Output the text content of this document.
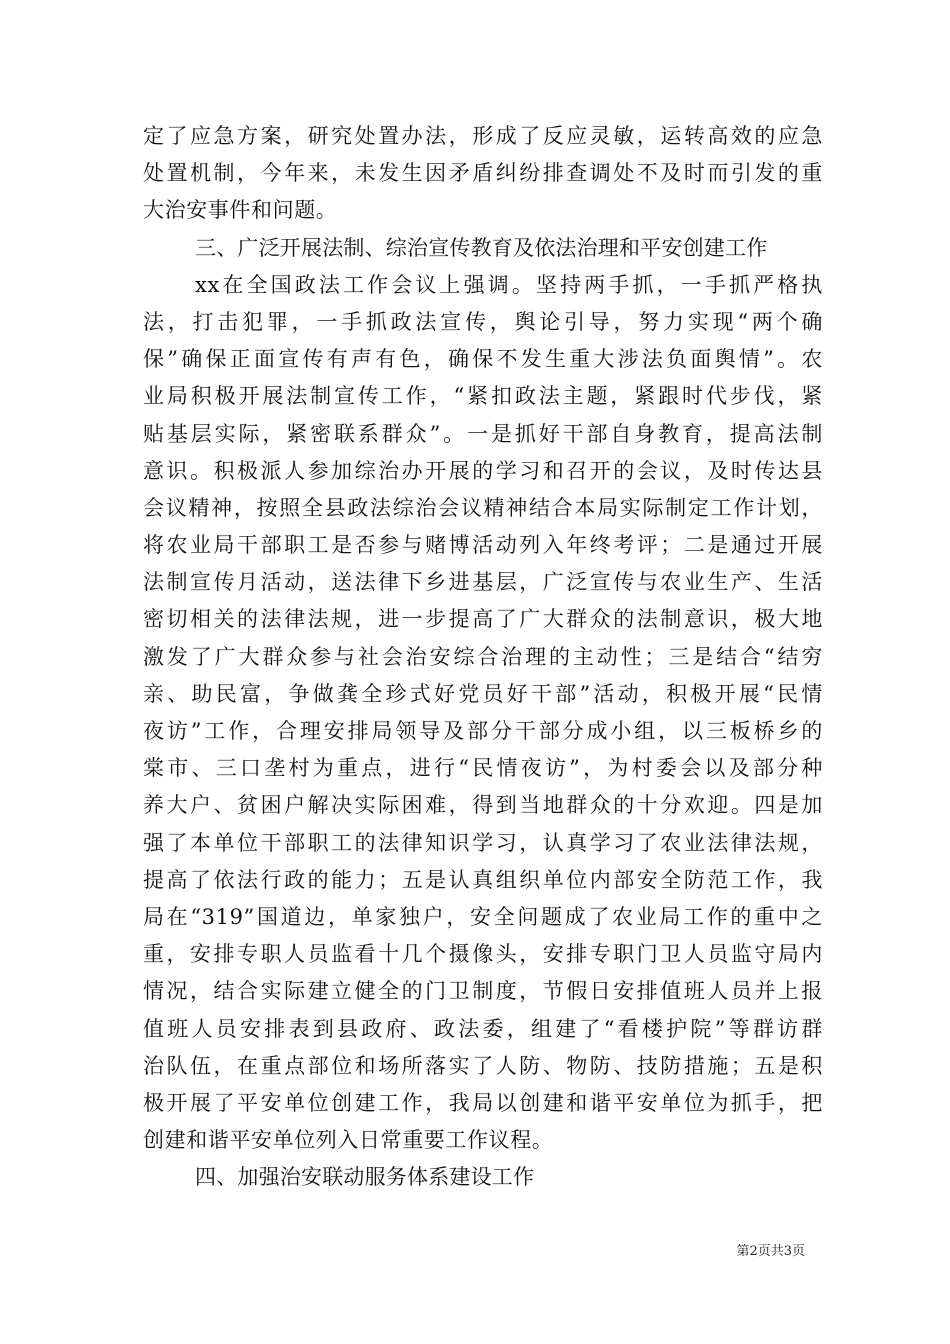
定了应急方案，研究处置办法，形成了反应灵敏，运转高效的应急
处置机制，今年来，未发生因矛盾纠纷排查调处不及时而引发的重
大治安事件和问题。
三、广泛开展法制、综治宣传教育及依法治理和平安创建工作
xx在全国政法工作会议上强调。坚持两手抓，一手抓严格执
法，打击犯罪，一手抓政法宣传，舆论引导，努力实现“两个确
保”确保正面宣传有声有色，确保不发生重大涉法负面舆情”。农
业局积极开展法制宣传工作，“紧扣政法主题，紧跟时代步伐，紧
贴基层实际，紧密联系群众”。一是抓好干部自身教育，提高法制
意识。积极派人参加综治办开展的学习和召开的会议，及时传达县
会议精神，按照全县政法综治会议精神结合本局实际制定工作计划，
将农业局干部职工是否参与赌博活动列入年终考评；二是通过开展
法制宣传月活动，送法律下乡进基层，广泛宣传与农业生产、生活
密切相关的法律法规，进一步提高了广大群众的法制意识，极大地
激发了广大群众参与社会治安综合治理的主动性；三是结合“结穷
亲、助民富，争做龚全珍式好党员好干部”活动，积极开展“民情
夜访”工作，合理安排局领导及部分干部分成小组，以三板桥乡的
棠市、三口垄村为重点，进行“民情夜访”，为村委会以及部分种
养大户、贫困户解决实际困难，得到当地群众的十分欢迎。四是加
强了本单位干部职工的法律知识学习，认真学习了农业法律法规，
提高了依法行政的能力；五是认真组织单位内部安全防范工作，我
局在“319”国道边，单家独户，安全问题成了农业局工作的重中之
重，安排专职人员监看十几个摄像头，安排专职门卫人员监守局内
情况，结合实际建立健全的门卫制度，节假日安排值班人员并上报
值班人员安排表到县政府、政法委，组建了“看楼护院”等群访群
治队伍，在重点部位和场所落实了人防、物防、技防措施；五是积
极开展了平安单位创建工作，我局以创建和谐平安单位为抓手，把
创建和谐平安单位列入日常重要工作议程。
四、加强治安联动服务体系建设工作
第2页共3页
